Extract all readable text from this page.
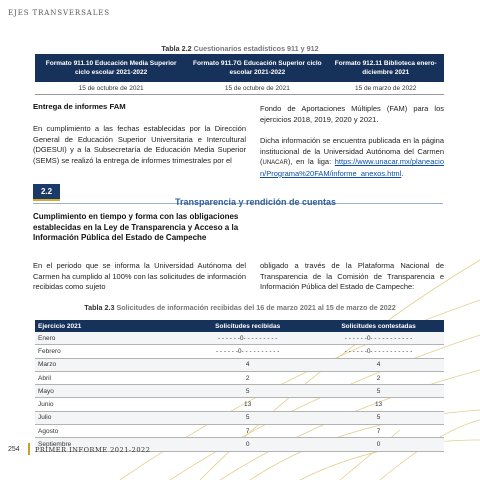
EJES TRANSVERSALES
Tabla 2.2 Cuestionarios estadísticos 911 y 912
Formato 911.10 Educación Media Superior ciclo escolar 2021-2022	Formato 911.7G Educación Superior ciclo escolar 2021-2022	Formato 912.11 Biblioteca enero- diciembre 2021
15 de octubre de 2021	15 de octubre de 2021	15 de marzo de 2022
Entrega de informes FAM
En cumplimiento a las fechas establecidas por la Dirección General de Educación Superior Universitaria e Intercultural (DGESUI) y a la Subsecretaría de Educación Media Superior (SEMS) se realizó la entrega de informes trimestrales por el
Fondo de Aportaciones Múltiples (FAM) para los ejercicios 2018, 2019, 2020 y 2021.
Dicha información se encuentra publicada en la página institucional de la Universidad Autónoma del Carmen (UNACAR), en la liga: https://www.unacar.mx/planeacion/Programa%20FAM/informe_anexos.html.
2.2
Transparencia y rendición de cuentas
Cumplimiento en tiempo y forma con las obligaciones establecidas en la Ley de Transparencia y Acceso a la Información Pública del Estado de Campeche
En el periodo que se informa la Universidad Autónoma del Carmen ha cumplido al 100% con las solicitudes de información recibidas como sujeto
obligado a través de la Plataforma Nacional de Transparencia de la Comisión de Transparencia e Información Pública del Estado de Campeche:
Tabla 2.3 Solicitudes de información recibidas del 16 de marzo 2021 al 15 de marzo de 2022
Ejercicio 2021	Solicitudes recibidas	Solicitudes contestadas
Enero	- - - - - -0- - - - - - - - -	- - - - - -0- - - - - - - - - - -
Febrero	- - - - - -0- - - - - - - - - -	- - - - - -0- - - - - - - - - - -
Marzo	4	4
Abril	2	2
Mayo	5	5
Junio	13	13
Julio	5	5
Agosto	7	7
Septiembre	0	0
254 PRIMER INFORME 2021-2022
